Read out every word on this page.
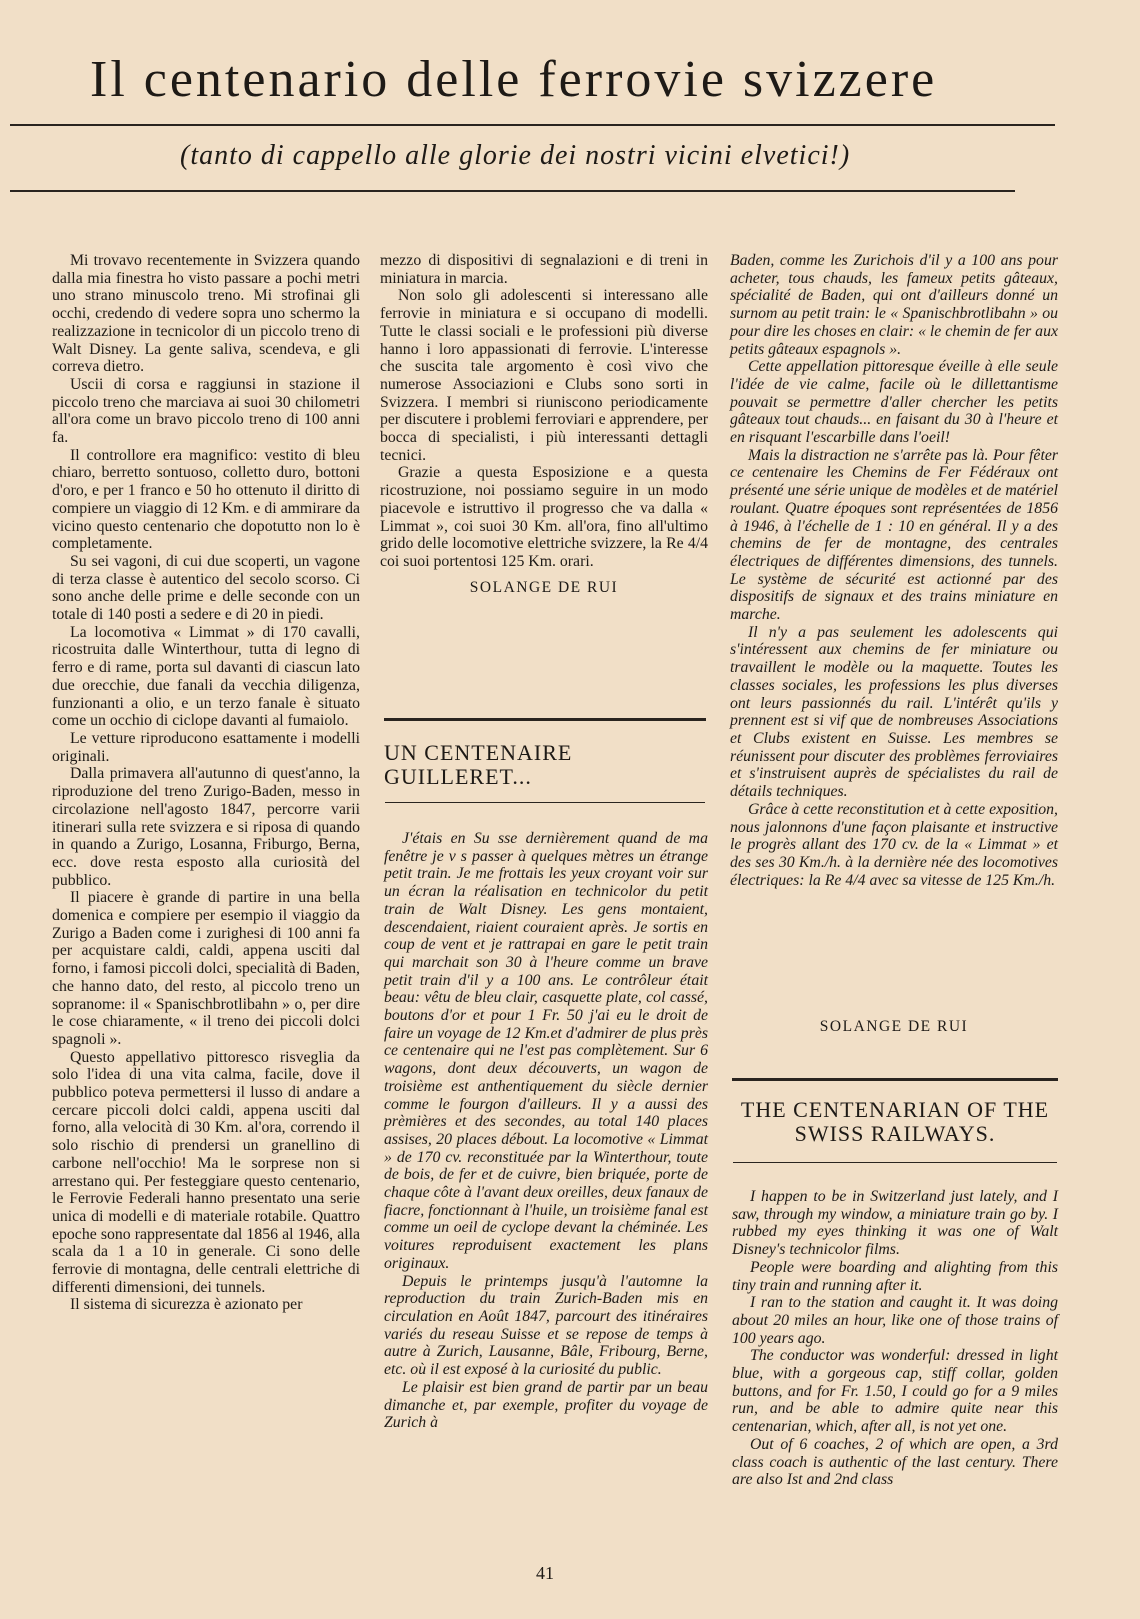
Il centenario delle ferrovie svizzere
(tanto di cappello alle glorie dei nostri vicini elvetici!)

Mi trovavo recentemente in Svizzera quando dalla mia finestra ho visto passare a pochi metri uno strano minuscolo treno. Mi strofinai gli occhi, credendo di vedere sopra uno schermo la realizzazione in tecnicolor di un piccolo treno di Walt Disney. La gente saliva, scendeva, e gli correva dietro.

Uscii di corsa e raggiunsi in stazione il piccolo treno che marciava ai suoi 30 chilometri all'ora come un bravo piccolo treno di 100 anni fa.

Il controllore era magnifico: vestito di bleu chiaro, berretto sontuoso, colletto duro, bottoni d'oro, e per 1 franco e 50 ho ottenuto il diritto di compiere un viaggio di 12 Km. e di ammirare da vicino questo centenario che dopotutto non lo è completamente.

Su sei vagoni, di cui due scoperti, un vagone di terza classe è autentico del secolo scorso. Ci sono anche delle prime e delle seconde con un totale di 140 posti a sedere e di 20 in piedi.

La locomotiva « Limmat » di 170 cavalli, ricostruita dalle Winterthour, tutta di legno di ferro e di rame, porta sul davanti di ciascun lato due orecchie, due fanali da vecchia diligenza, funzionanti a olio, e un terzo fanale è situato come un occhio di ciclope davanti al fumaiolo.

Le vetture riproducono esattamente i modelli originali.

Dalla primavera all'autunno di quest'anno, la riproduzione del treno Zurigo-Baden, messo in circolazione nell'agosto 1847, percorre varii itinerari sulla rete svizzera e si riposa di quando in quando a Zurigo, Losanna, Friburgo, Berna, ecc. dove resta esposto alla curiosità del pubblico.

Il piacere è grande di partire in una bella domenica e compiere per esempio il viaggio da Zurigo a Baden come i zurighesi di 100 anni fa per acquistare caldi, caldi, appena usciti dal forno, i famosi piccoli dolci, specialità di Baden, che hanno dato, del resto, al piccolo treno un sopranome: il « Spanischbrotlibahn » o, per dire le cose chiaramente, « il treno dei piccoli dolci spagnoli ».

Questo appellativo pittoresco risveglia da solo l'idea di una vita calma, facile, dove il pubblico poteva permettersi il lusso di andare a cercare piccoli dolci caldi, appena usciti dal forno, alla velocità di 30 Km. al'ora, correndo il solo rischio di prendersi un granellino di carbone nell'occhio! Ma le sorprese non si arrestano qui. Per festeggiare questo centenario, le Ferrovie Federali hanno presentato una serie unica di modelli e di materiale rotabile. Quattro epoche sono rappresentate dal 1856 al 1946, alla scala da 1 a 10 in generale. Ci sono delle ferrovie di montagna, delle centrali elettriche di differenti dimensioni, dei tunnels.

Il sistema di sicurezza è azionato per

mezzo di dispositivi di segnalazioni e di treni in miniatura in marcia.

Non solo gli adolescenti si interessano alle ferrovie in miniatura e si occupano di modelli. Tutte le classi sociali e le professioni più diverse hanno i loro appassionati di ferrovie. L'interesse che suscita tale argomento è così vivo che numerose Associazioni e Clubs sono sorti in Svizzera. I membri si riuniscono periodicamente per discutere i problemi ferroviari e apprendere, per bocca di specialisti, i più interessanti dettagli tecnici.

Grazie a questa Esposizione e a questa ricostruzione, noi possiamo seguire in un modo piacevole e istruttivo il progresso che va dalla « Limmat », coi suoi 30 Km. all'ora, fino all'ultimo grido delle locomotive elettriche svizzere, la Re 4/4 coi suoi portentosi 125 Km. orari.

SOLANGE DE RUI
UN CENTENAIRE GUILLERET...

J'étais en Su sse dernièrement quand de ma fenêtre je v s passer à quelques mètres un étrange petit train. Je me frottais les yeux croyant voir sur un écran la réalisation en technicolor du petit train de Walt Disney. Les gens montaient, descendaient, riaient couraient après. Je sortis en coup de vent et je rattrapai en gare le petit train qui marchait son 30 à l'heure comme un brave petit train d'il y a 100 ans. Le contrôleur était beau: vêtu de bleu clair, casquette plate, col cassé, boutons d'or et pour 1 Fr. 50 j'ai eu le droit de faire un voyage de 12 Km.et d'admirer de plus près ce centenaire qui ne l'est pas complètement. Sur 6 wagons, dont deux découverts, un wagon de troisième est anthentiquement du siècle dernier comme le fourgon d'ailleurs. Il y a aussi des prèmières et des secondes, au total 140 places assises, 20 places débout. La locomotive « Limmat » de 170 cv. reconstituée par la Winterthour, toute de bois, de fer et de cuivre, bien briquée, porte de chaque côte à l'avant deux oreilles, deux fanaux de fiacre, fonctionnant à l'huile, un troisième fanal est comme un oeil de cyclope devant la chéminée. Les voitures reproduisent exactement les plans originaux.

Depuis le printemps jusqu'à l'automne la reproduction du train Zurich-Baden mis en circulation en Août 1847, parcourt des itinéraires variés du reseau Suisse et se repose de temps à autre à Zurich, Lausanne, Bâle, Fribourg, Berne, etc. où il est exposé à la curiosité du public.

Le plaisir est bien grand de partir par un beau dimanche et, par exemple, profiter du voyage de Zurich à

Baden, comme les Zurichois d'il y a 100 ans pour acheter, tous chauds, les fameux petits gâteaux, spécialité de Baden, qui ont d'ailleurs donné un surnom au petit train: le « Spanischbrotlibahn » ou pour dire les choses en clair: « le chemin de fer aux petits gâteaux espagnols ».

Cette appellation pittoresque éveille à elle seule l'idée de vie calme, facile où le dillettantisme pouvait se permettre d'aller chercher les petits gâteaux tout chauds... en faisant du 30 à l'heure et en risquant l'escarbille dans l'oeil!

Mais la distraction ne s'arrête pas là. Pour fêter ce centenaire les Chemins de Fer Fédéraux ont présenté une série unique de modèles et de matériel roulant. Quatre époques sont représentées de 1856 à 1946, à l'échelle de 1 : 10 en général. Il y a des chemins de fer de montagne, des centrales électriques de différentes dimensions, des tunnels. Le système de sécurité est actionné par des dispositifs de signaux et des trains miniature en marche.

Il n'y a pas seulement les adolescents qui s'intéressent aux chemins de fer miniature ou travaillent le modèle ou la maquette. Toutes les classes sociales, les professions les plus diverses ont leurs passionnés du rail. L'intérêt qu'ils y prennent est si vif que de nombreuses Associations et Clubs existent en Suisse. Les membres se réunissent pour discuter des problèmes ferroviaires et s'instruisent auprès de spécialistes du rail de détails techniques.

Grâce à cette reconstitution et à cette exposition, nous jalonnons d'une façon plaisante et instructive le progrès allant des 170 cv. de la « Limmat » et des ses 30 Km./h. à la dernière née des locomotives électriques: la Re 4/4 avec sa vitesse de 125 Km./h.

SOLANGE DE RUI
THE CENTENARIAN OF THE SWISS RAILWAYS.

I happen to be in Switzerland just lately, and I saw, through my window, a miniature train go by. I rubbed my eyes thinking it was one of Walt Disney's technicolor films.

People were boarding and alighting from this tiny train and running after it.

I ran to the station and caught it. It was doing about 20 miles an hour, like one of those trains of 100 years ago.

The conductor was wonderful: dressed in light blue, with a gorgeous cap, stiff collar, golden buttons, and for Fr. 1.50, I could go for a 9 miles run, and be able to admire quite near this centenarian, which, after all, is not yet one.

Out of 6 coaches, 2 of which are open, a 3rd class coach is authentic of the last century. There are also Ist and 2nd class

41
